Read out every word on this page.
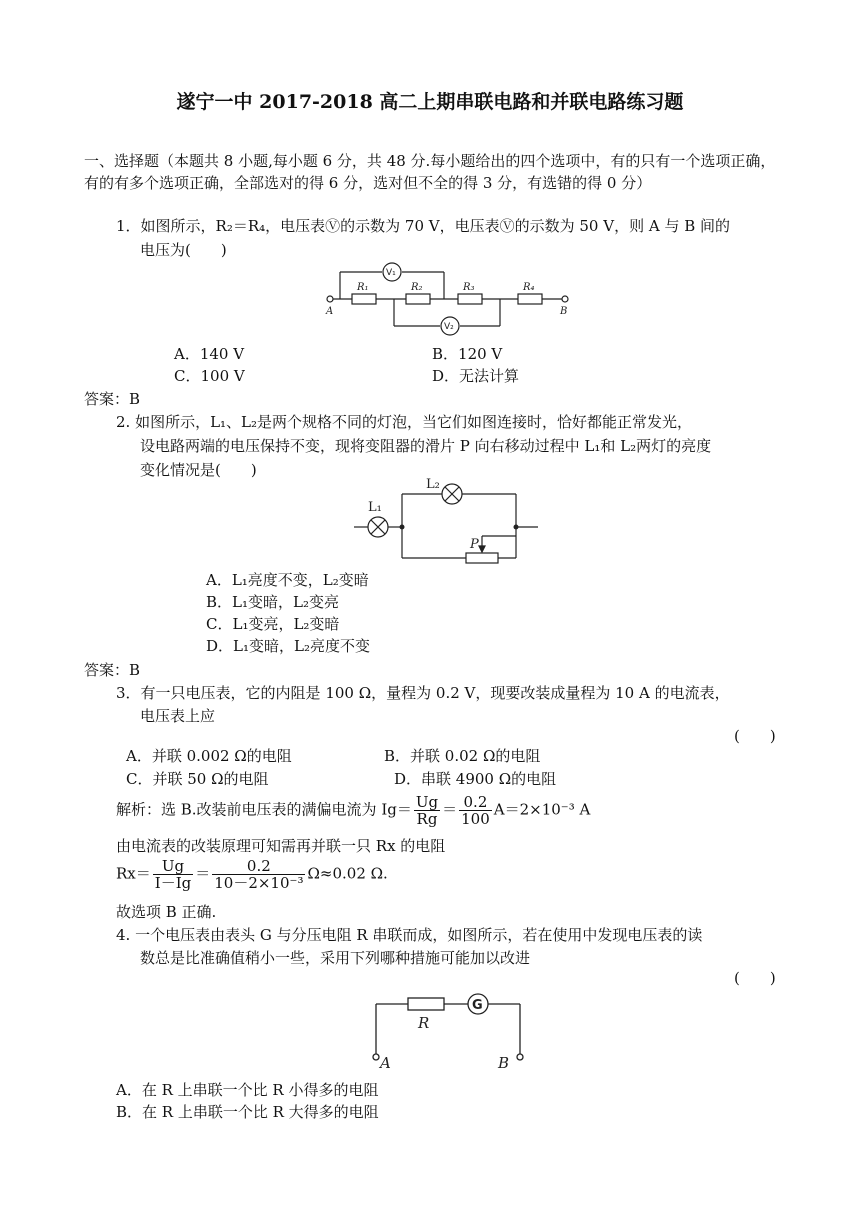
遂宁一中 2017-2018 高二上期串联电路和并联电路练习题
一、选择题（本题共 8 小题,每小题 6 分，共 48 分.每小题给出的四个选项中，有的只有一个选项正确，有的有多个选项正确，全部选对的得 6 分，选对但不全的得 3 分，有选错的得 0 分）
1．如图所示，R₂＝R₄，电压表Ⓥ的示数为 70 V，电压表Ⓥ的示数为 50 V，则 A 与 B 间的
电压为(　　)
R₁	R₂	R₃	R₄
A	B
V₁
V₂
A．140 V	B．120 V
C．100 V	D．无法计算
答案：B
2. 如图所示，L₁、L₂是两个规格不同的灯泡，当它们如图连接时，恰好都能正常发光，
设电路两端的电压保持不变，现将变阻器的滑片 P 向右移动过程中 L₁和 L₂两灯的亮度
变化情况是(　　)
L₁
L₂
P
A．L₁亮度不变，L₂变暗
B．L₁变暗，L₂变亮
C．L₁变亮，L₂变暗
D．L₁变暗，L₂亮度不变
答案：B
3．有一只电压表，它的内阻是 100 Ω，量程为 0.2 V，现要改装成量程为 10 A 的电流表，
电压表上应
(　　)
A．并联 0.002 Ω的电阻	B．并联 0.02 Ω的电阻
C．并联 50 Ω的电阻	D．串联 4900 Ω的电阻
解析：选 B.改装前电压表的满偏电流为 $Ig= \frac{Ug}{Rg} = \frac{0.2}{100} A=2\times 10^{-3}$ A
由电流表的改装原理可知需再并联一只 Rx 的电阻
$Rx= \frac{Ug}{I-Ig} = \frac{0.2}{\text{10－2×10⁻³}} \Omega\approx 0.02$ Ω.
故选项 B 正确.
4. 一个电压表由表头 G 与分压电阻 R 串联而成，如图所示，若在使用中发现电压表的读
数总是比准确值稍小一些，采用下列哪种措施可能加以改进
(　　)
R
A	B
G
A．在 R 上串联一个比 R 小得多的电阻
B．在 R 上串联一个比 R 大得多的电阻
